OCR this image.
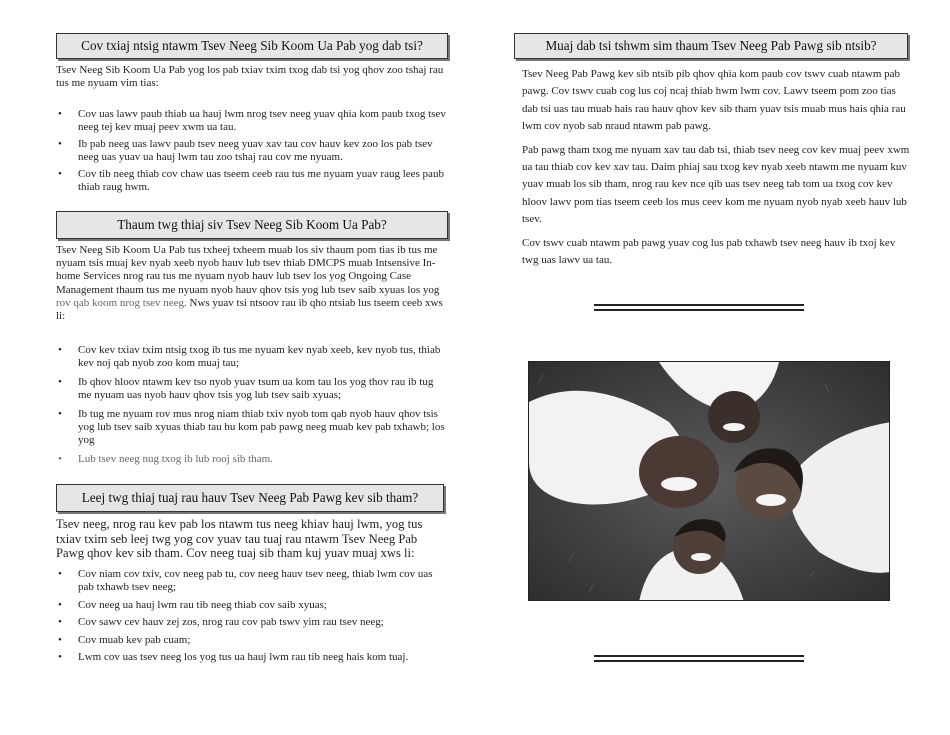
Cov txiaj ntsig ntawm Tsev Neeg Sib Koom Ua Pab yog dab tsi?
Tsev Neeg Sib Koom Ua Pab yog los pab txiav txim txog dab tsi yog qhov zoo tshaj rau tus me nyuam vim tias:
• Cov uas lawv paub thiab ua hauj lwm nrog tsev neeg yuav qhia kom paub txog tsev neeg tej kev muaj peev xwm ua tau.
• Ib pab neeg uas lawv paub tsev neeg yuav xav tau cov hauv kev zoo los pab tsev neeg uas yuav ua hauj lwm tau zoo tshaj rau cov me nyuam.
• Cov tib neeg thiab cov chaw uas tseem ceeb rau tus me nyuam yuav raug lees paub thiab raug hwm.
Thaum twg thiaj siv Tsev Neeg Sib Koom Ua Pab?
Tsev Neeg Sib Koom Ua Pab tus txheej txheem muab los siv thaum pom tias ib tus me nyuam tsis muaj kev nyab xeeb nyob hauv lub tsev thiab DMCPS muab Intsensive In-home Services nrog rau tus me nyuam nyob hauv lub tsev los yog Ongoing Case Management thaum tus me nyuam nyob hauv qhov tsis yog lub tsev saib xyuas los yog rov qab koom nrog tsev neeg. Nws yuav tsi ntsoov rau ib qho ntsiab lus tseem ceeb xws li:
• Cov kev txiav txim ntsig txog ib tus me nyuam kev nyab xeeb, kev nyob tus, thiab kev noj qab nyob zoo kom muaj tau;
• Ib qhov hloov ntawm kev tso nyob yuav tsum ua kom tau los yog thov rau ib tug me nyuam uas nyob hauv qhov tsis yog lub tsev saib xyuas;
• Ib tug me nyuam rov mus nrog niam thiab txiv nyob tom qab nyob hauv qhov tsis yog lub tsev saib xyuas thiab tau hu kom pab pawg neeg muab kev pab txhawb; los yog
• Lub tsev neeg nug txog ib lub rooj sib tham.
Leej twg thiaj tuaj rau hauv Tsev Neeg Pab Pawg kev sib tham?
Tsev neeg, nrog rau kev pab los ntawm tus neeg khiav hauj lwm, yog tus txiav txim seb leej twg yog cov yuav tau tuaj rau ntawm Tsev Neeg Pab Pawg qhov kev sib tham. Cov neeg tuaj sib tham kuj yuav muaj xws li:
• Cov niam cov txiv, cov neeg pab tu, cov neeg hauv tsev neeg, thiab lwm cov uas pab txhawb tsev neeg;
• Cov neeg ua hauj lwm rau tib neeg thiab cov saib xyuas;
• Cov sawv cev hauv zej zos, nrog rau cov pab tswv yim rau tsev neeg;
• Cov muab kev pab cuam;
• Lwm cov uas tsev neeg los yog tus ua hauj lwm rau tib neeg hais kom tuaj.
Muaj dab tsi tshwm sim thaum Tsev Neeg Pab Pawg sib ntsib?

Tsev Neeg Pab Pawg kev sib ntsib pib qhov qhia kom paub cov tswv cuab ntawm pab pawg. Cov tswv cuab cog lus coj ncaj thiab hwm lwm cov. Lawv tseem pom zoo tias dab tsi uas tau muab hais rau hauv qhov kev sib tham yuav tsis muab mus hais qhia rau lwm cov nyob sab nraud ntawm pab pawg.

Pab pawg tham txog me nyuam xav tau dab tsi, thiab tsev neeg cov kev muaj peev xwm ua tau thiab cov kev xav tau. Daim phiaj sau txog kev nyab xeeb ntawm me nyuam kuv yuav muab los sib tham, nrog rau kev nce qib uas tsev neeg tab tom ua txog cov kev hloov lawv pom tias tseem ceeb los mus ceev kom me nyuam nyob nyab xeeb hauv lub tsev.

Cov tswv cuab ntawm pab pawg yuav cog lus pab txhawb tsev neeg hauv ib txoj kev twg uas lawv ua tau.
